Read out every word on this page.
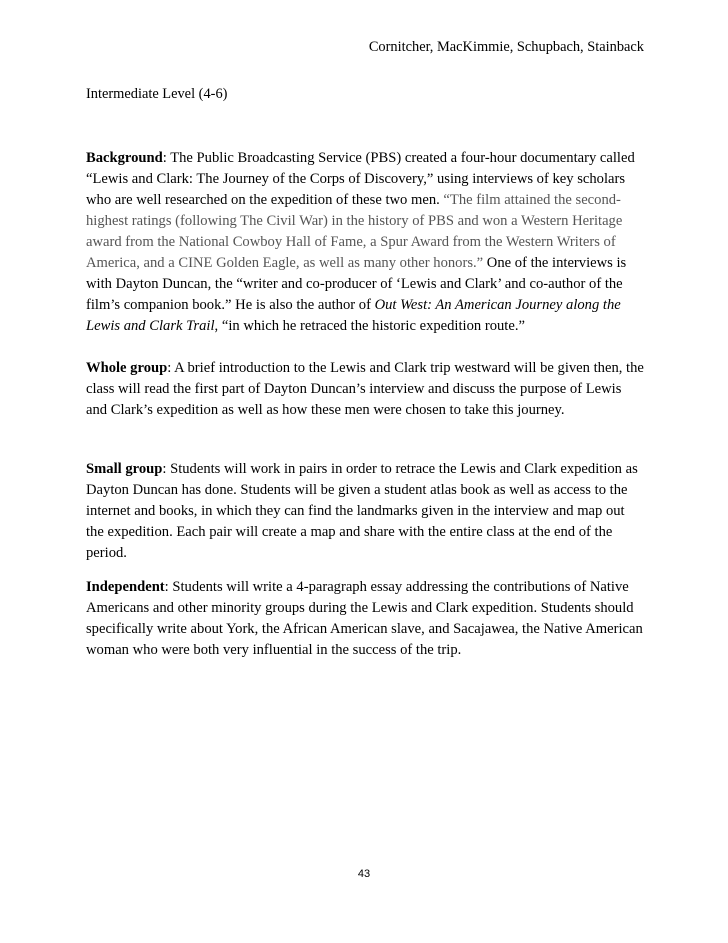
Cornitcher, MacKimmie, Schupbach, Stainback
Intermediate Level (4-6)

Background: The Public Broadcasting Service (PBS) created a four-hour documentary called “Lewis and Clark: The Journey of the Corps of Discovery,” using interviews of key scholars who are well researched on the expedition of these two men. “The film attained the second-highest ratings (following The Civil War) in the history of PBS and won a Western Heritage award from the National Cowboy Hall of Fame, a Spur Award from the Western Writers of America, and a CINE Golden Eagle, as well as many other honors.” One of the interviews is with Dayton Duncan, the “writer and co-producer of ‘Lewis and Clark’ and co-author of the film’s companion book.” He is also the author of Out West: An American Journey along the Lewis and Clark Trail, “in which he retraced the historic expedition route.”

Whole group: A brief introduction to the Lewis and Clark trip westward will be given then, the class will read the first part of Dayton Duncan’s interview and discuss the purpose of Lewis and Clark’s expedition as well as how these men were chosen to take this journey.

Small group: Students will work in pairs in order to retrace the Lewis and Clark expedition as Dayton Duncan has done. Students will be given a student atlas book as well as access to the internet and books, in which they can find the landmarks given in the interview and map out the expedition. Each pair will create a map and share with the entire class at the end of the period.

Independent: Students will write a 4-paragraph essay addressing the contributions of Native Americans and other minority groups during the Lewis and Clark expedition. Students should specifically write about York, the African American slave, and Sacajawea, the Native American woman who were both very influential in the success of the trip.

43
